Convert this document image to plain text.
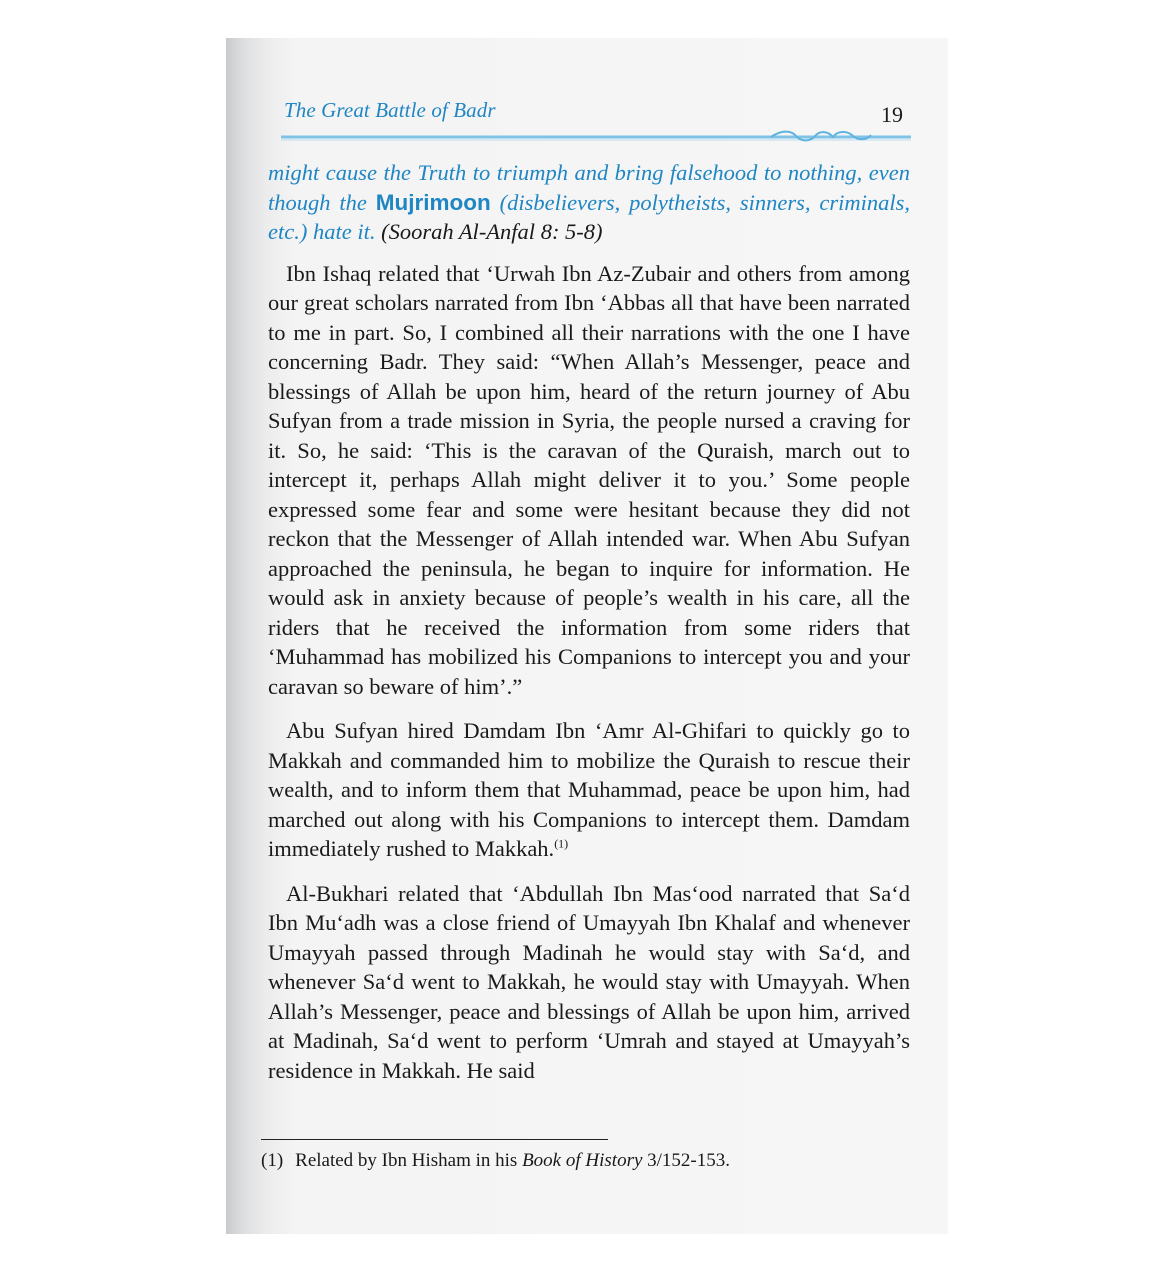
The Great Battle of Badr	19

might cause the Truth to triumph and bring falsehood to nothing, even though the Mujrimoon (disbelievers, polytheists, sinners, criminals, etc.) hate it. (Soorah Al-Anfal 8: 5-8)

Ibn Ishaq related that ‘Urwah Ibn Az-Zubair and others from among our great scholars narrated from Ibn ‘Abbas all that have been narrated to me in part. So, I combined all their narrations with the one I have concerning Badr. They said: “When Allah’s Messenger, peace and blessings of Allah be upon him, heard of the return journey of Abu Sufyan from a trade mission in Syria, the people nursed a craving for it. So, he said: ‘This is the caravan of the Quraish, march out to intercept it, perhaps Allah might deliver it to you.’ Some people expressed some fear and some were hesitant because they did not reckon that the Messenger of Allah intended war. When Abu Sufyan approached the peninsula, he began to inquire for information. He would ask in anxiety because of people’s wealth in his care, all the riders that he received the information from some riders that ‘Muhammad has mobilized his Companions to intercept you and your caravan so beware of him’.”

Abu Sufyan hired Damdam Ibn ‘Amr Al-Ghifari to quickly go to Makkah and commanded him to mobilize the Quraish to rescue their wealth, and to inform them that Muhammad, peace be upon him, had marched out along with his Companions to intercept them. Damdam immediately rushed to Makkah.$^{(1)}$

Al-Bukhari related that ‘Abdullah Ibn Mas‘ood narrated that Sa‘d Ibn Mu‘adh was a close friend of Umayyah Ibn Khalaf and whenever Umayyah passed through Madinah he would stay with Sa‘d, and whenever Sa‘d went to Makkah, he would stay with Umayyah. When Allah’s Messenger, peace and blessings of Allah be upon him, arrived at Madinah, Sa‘d went to perform ‘Umrah and stayed at Umayyah’s residence in Makkah. He said

(1) Related by Ibn Hisham in his Book of History 3/152-153.
